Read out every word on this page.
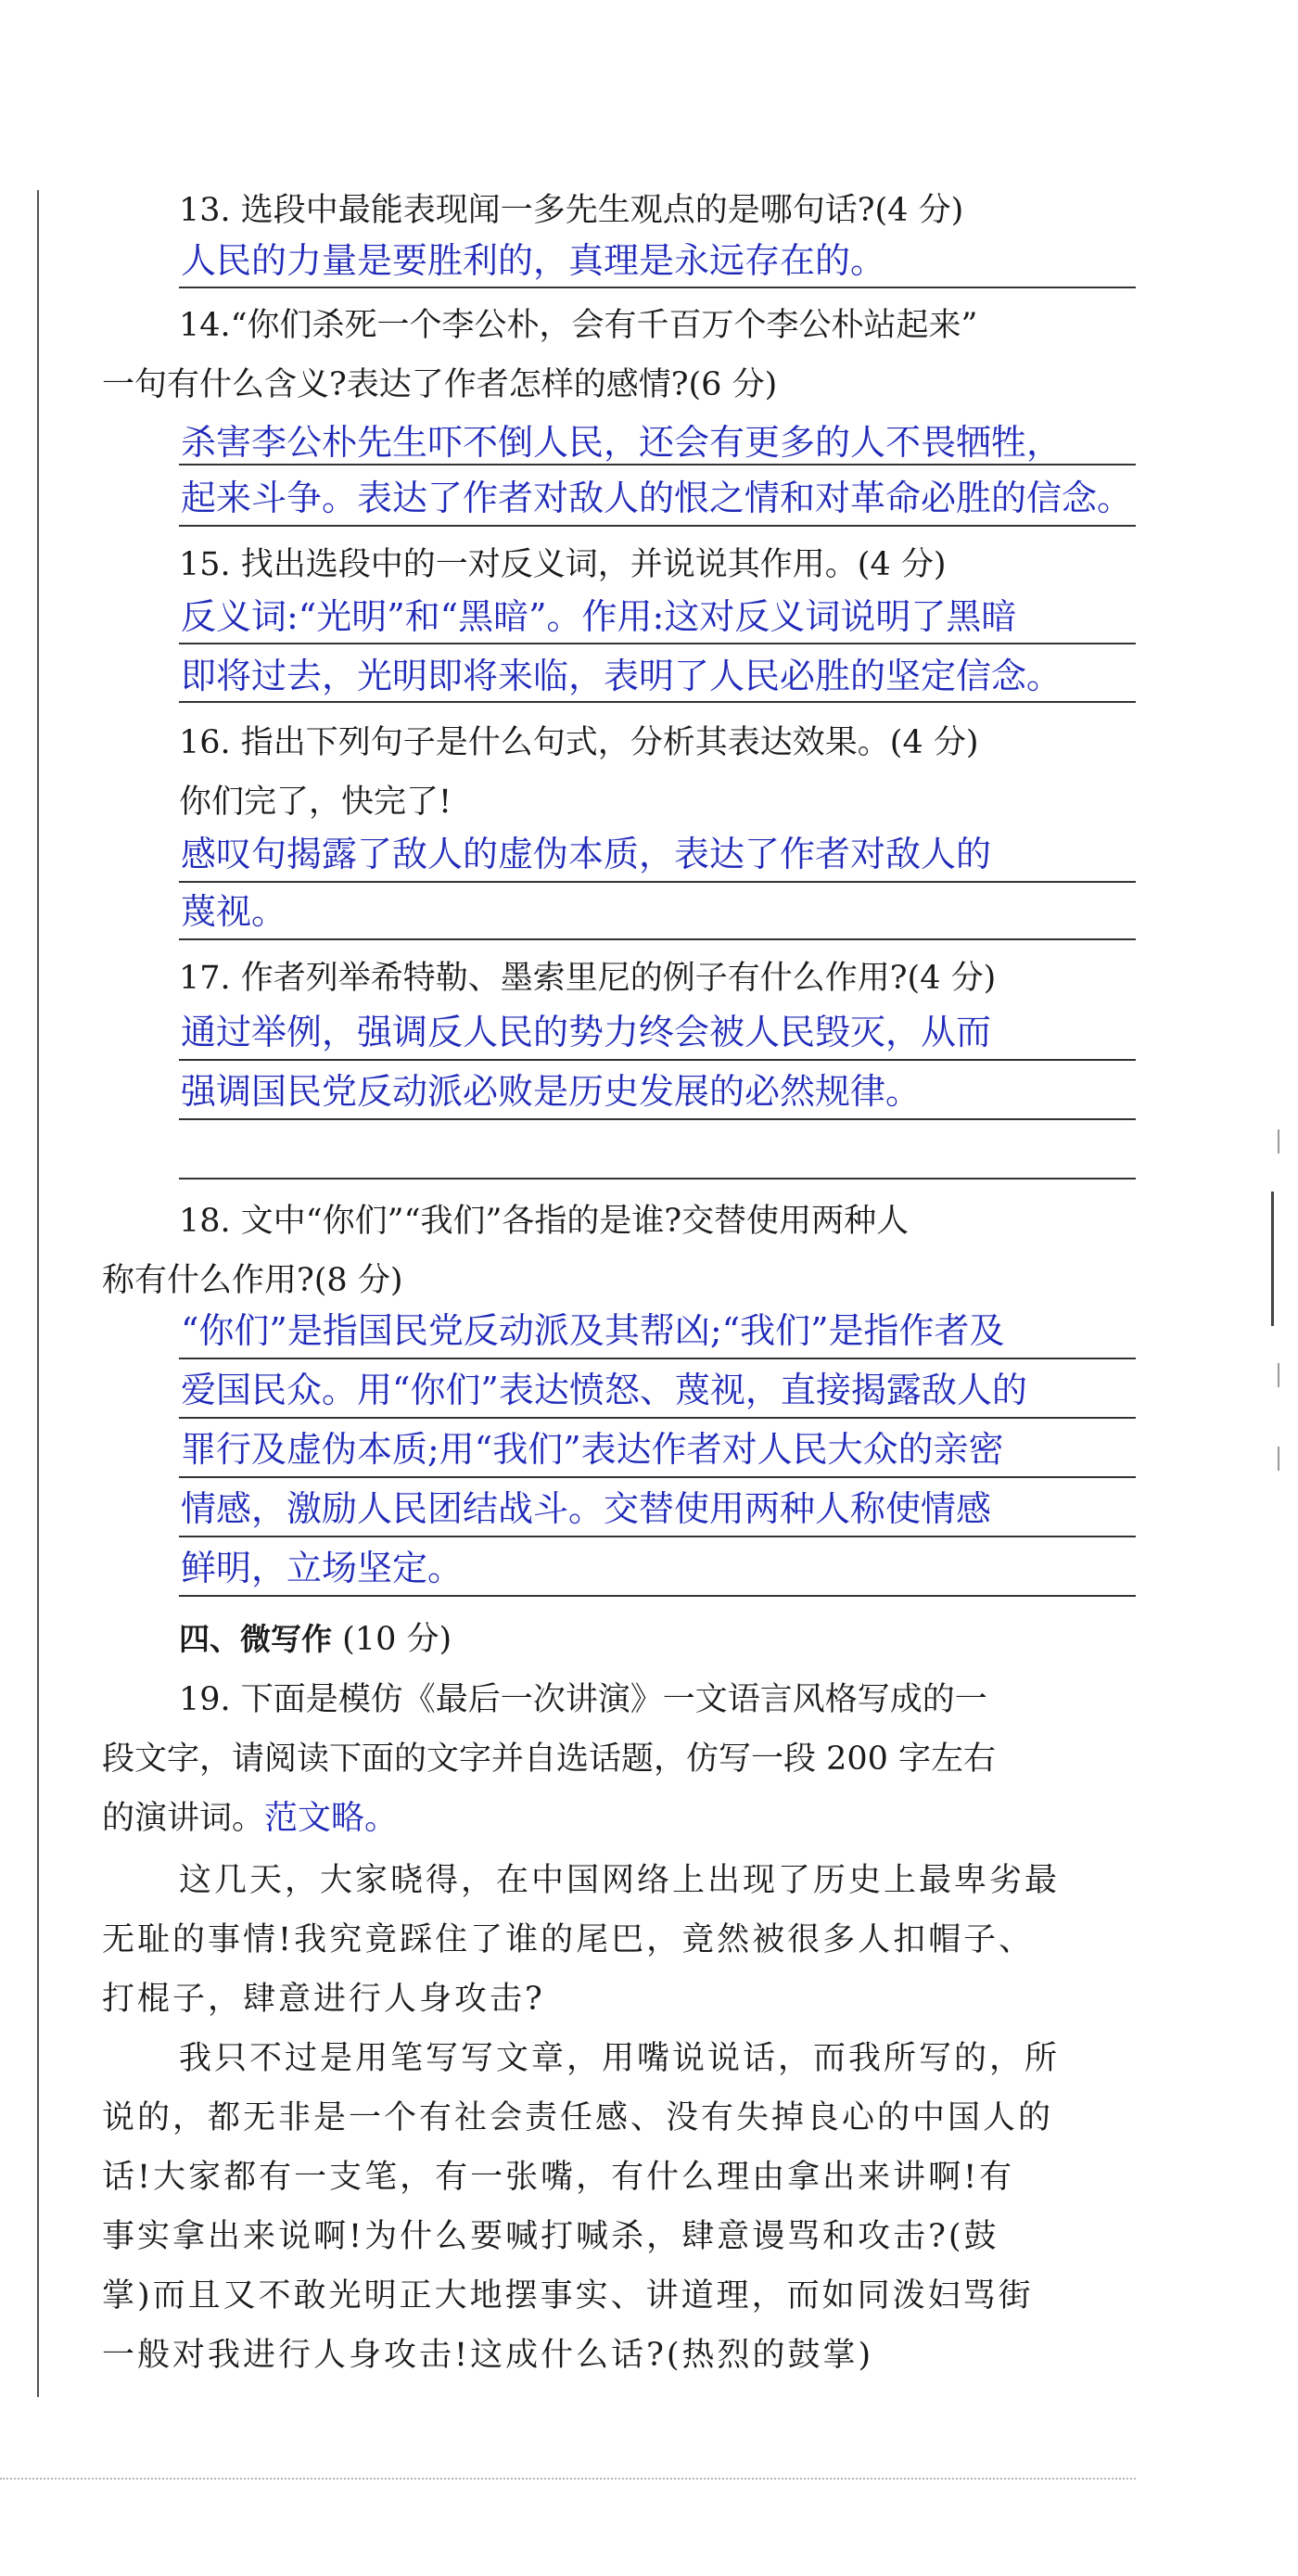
13. 选段中最能表现闻一多先生观点的是哪句话?(4 分)
人民的力量是要胜利的，真理是永远存在的。
14.“你们杀死一个李公朴，会有千百万个李公朴站起来”
一句有什么含义?表达了作者怎样的感情?(6 分)
杀害李公朴先生吓不倒人民，还会有更多的人不畏牺牲，
起来斗争。表达了作者对敌人的恨之情和对革命必胜的信念。
15. 找出选段中的一对反义词，并说说其作用。(4 分)
反义词:“光明”和“黑暗”。作用:这对反义词说明了黑暗
即将过去，光明即将来临，表明了人民必胜的坚定信念。
16. 指出下列句子是什么句式，分析其表达效果。(4 分)
你们完了，快完了!
感叹句揭露了敌人的虚伪本质，表达了作者对敌人的
蔑视。
17. 作者列举希特勒、墨索里尼的例子有什么作用?(4 分)
通过举例，强调反人民的势力终会被人民毁灭，从而
强调国民党反动派必败是历史发展的必然规律。
18. 文中“你们”“我们”各指的是谁?交替使用两种人
称有什么作用?(8 分)
“你们”是指国民党反动派及其帮凶;“我们”是指作者及
爱国民众。用“你们”表达愤怒、蔑视，直接揭露敌人的
罪行及虚伪本质;用“我们”表达作者对人民大众的亲密
情感，激励人民团结战斗。交替使用两种人称使情感
鲜明，立场坚定。
四、微写作 (10 分)
19. 下面是模仿《最后一次讲演》一文语言风格写成的一
段文字，请阅读下面的文字并自选话题，仿写一段 200 字左右
的演讲词。范文略。
这几天，大家晓得，在中国网络上出现了历史上最卑劣最
无耻的事情!我究竟踩住了谁的尾巴，竟然被很多人扣帽子、
打棍子，肆意进行人身攻击?
我只不过是用笔写写文章，用嘴说说话，而我所写的，所
说的，都无非是一个有社会责任感、没有失掉良心的中国人的
话!大家都有一支笔，有一张嘴，有什么理由拿出来讲啊!有
事实拿出来说啊!为什么要喊打喊杀，肆意谩骂和攻击?(鼓
掌)而且又不敢光明正大地摆事实、讲道理，而如同泼妇骂街
一般对我进行人身攻击!这成什么话?(热烈的鼓掌)
